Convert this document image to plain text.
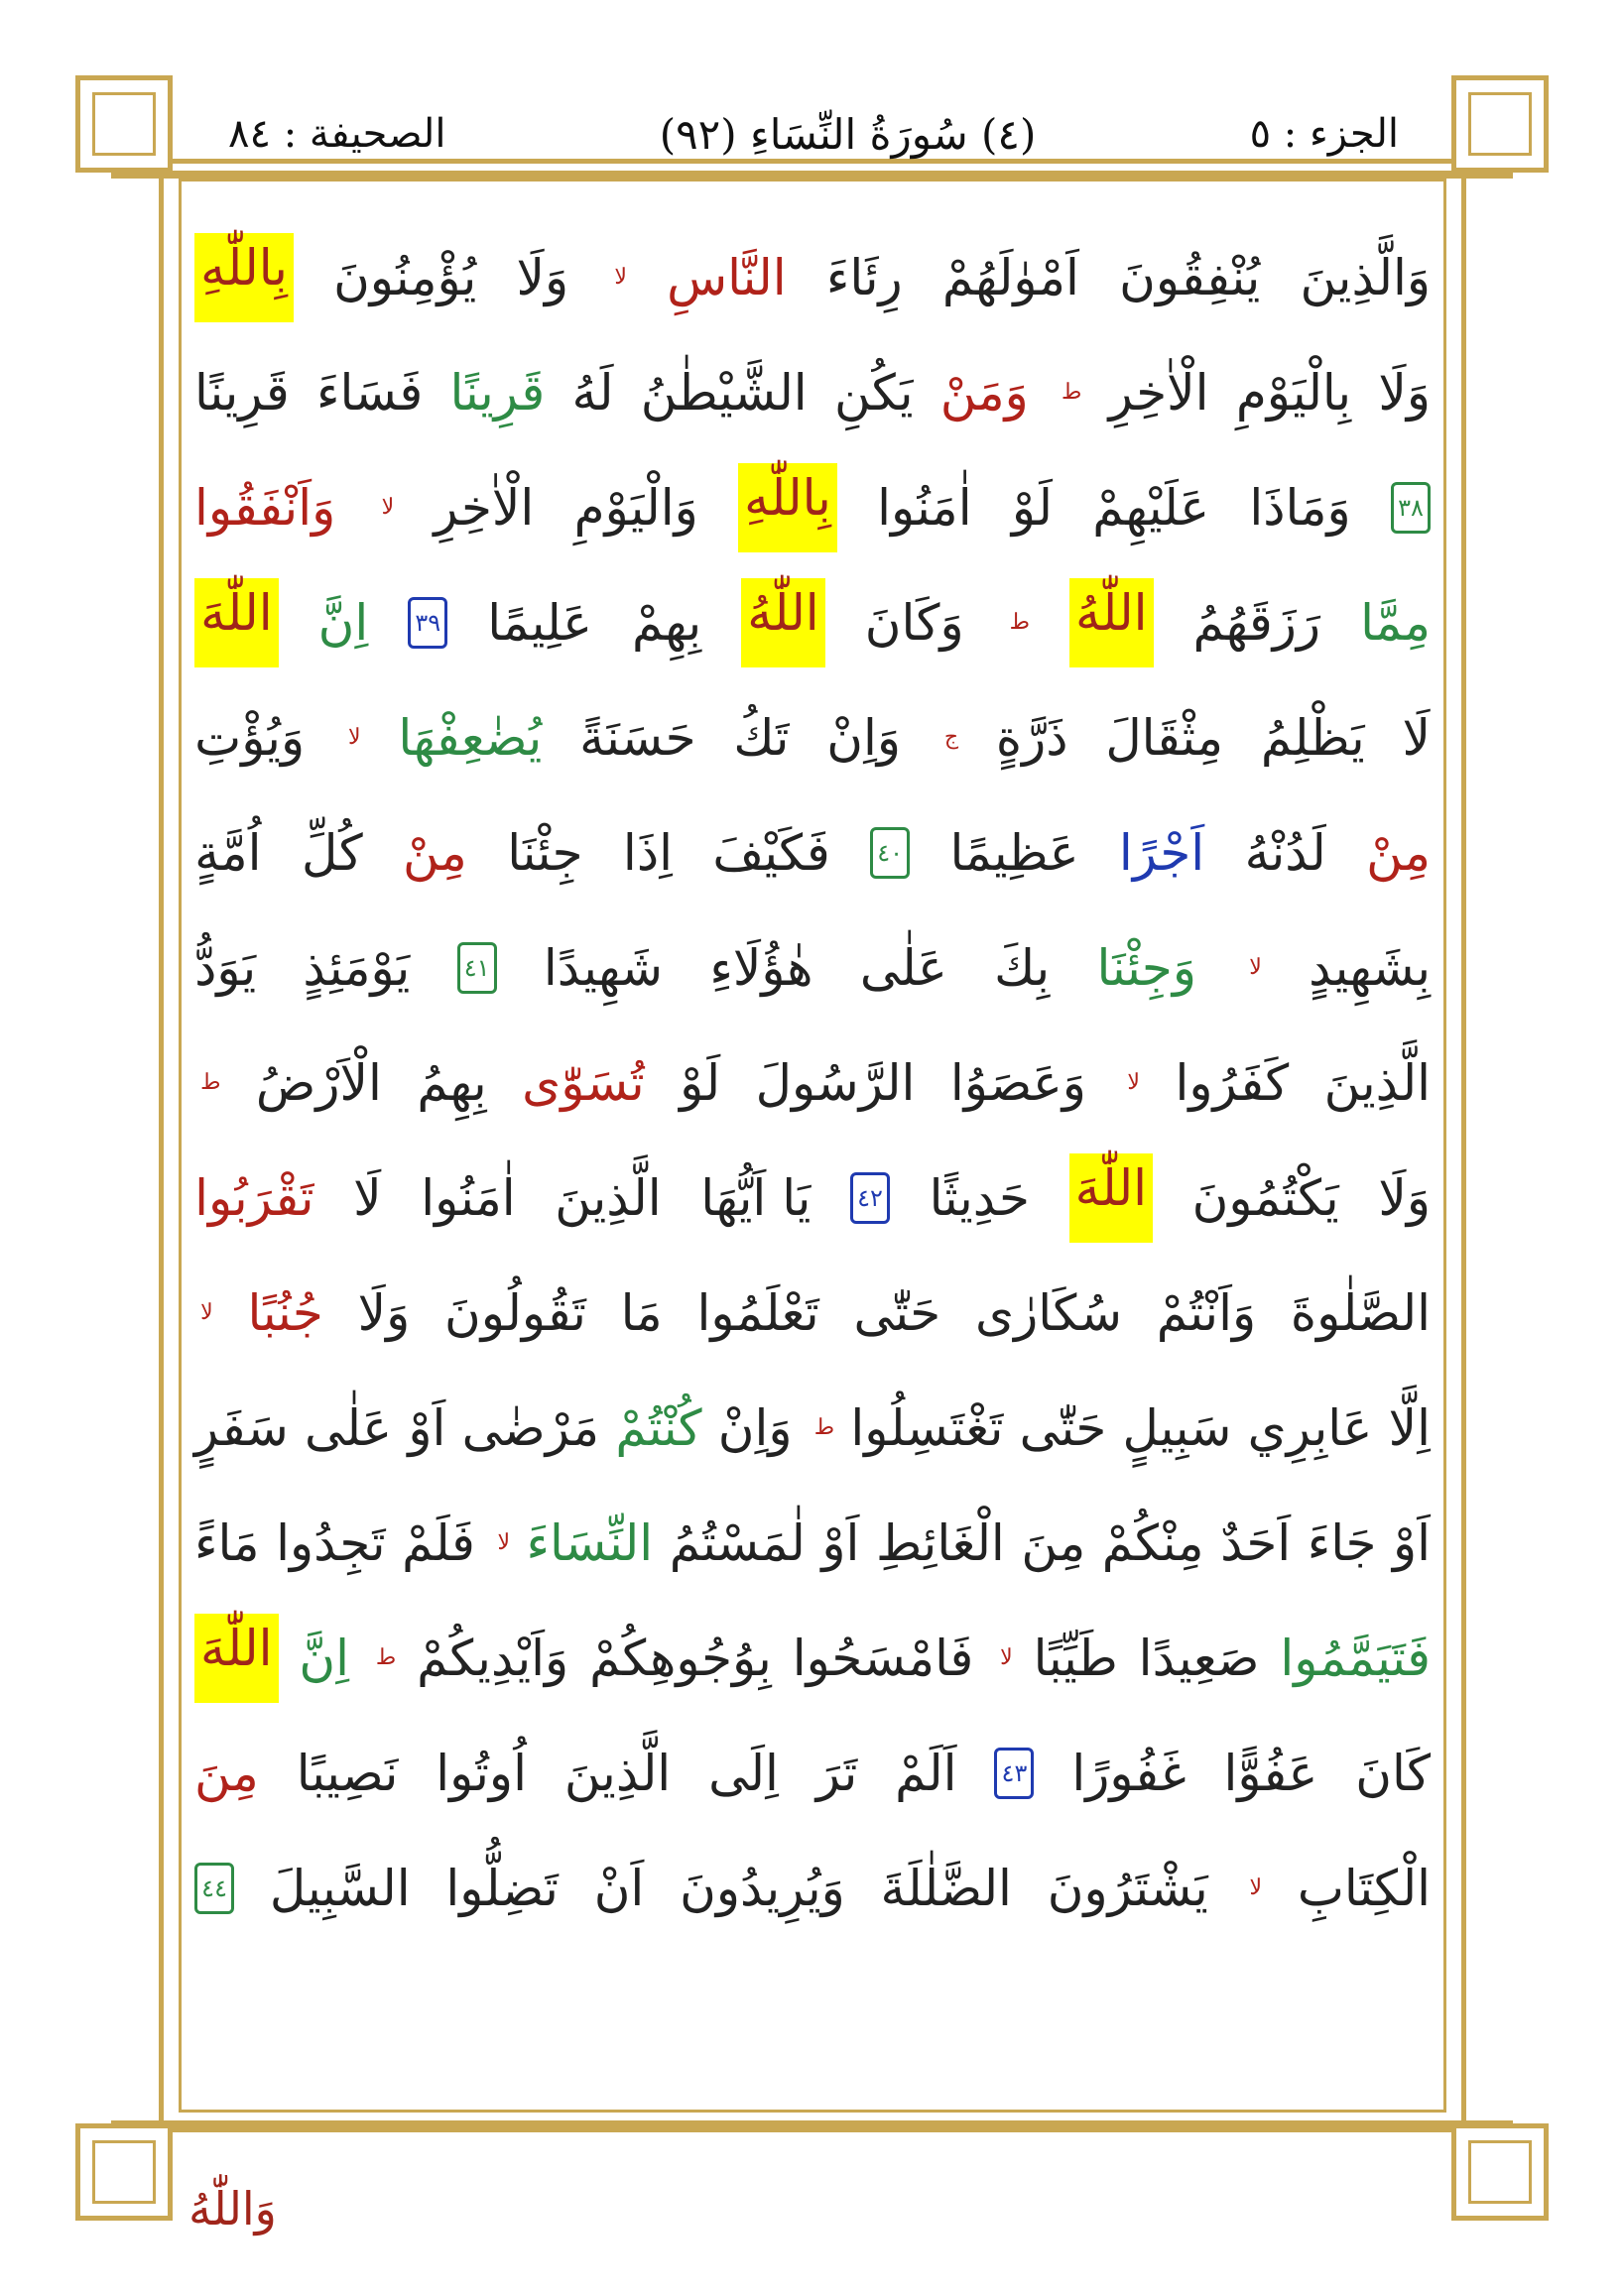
الجزء : ٥
(٤) سُورَةُ النِّسَاءِ (٩٢)
الصحيفة : ٨٤
وَالَّذِينَ
يُنْفِقُونَ
اَمْوٰلَهُمْ
رِئَاءَ
النَّاسِ
لا
وَلَا
يُؤْمِنُونَ
بِاللّٰهِ
وَلَا
بِالْيَوْمِ
الْاٰخِرِ
ط
وَمَنْ
يَكُنِ
الشَّيْطٰنُ
لَهُ
قَرِينًا
فَسَاءَ
قَرِينًا
٣٨
وَمَاذَا
عَلَيْهِمْ
لَوْ
اٰمَنُوا
بِاللّٰهِ
وَالْيَوْمِ
الْاٰخِرِ
لا
وَاَنْفَقُوا
مِمَّا
رَزَقَهُمُ
اللّٰهُ
ط
وَكَانَ
اللّٰهُ
بِهِمْ
عَلِيمًا
٣٩
اِنَّ
اللّٰهَ
لَا
يَظْلِمُ
مِثْقَالَ
ذَرَّةٍ
ج
وَاِنْ
تَكُ
حَسَنَةً
يُضٰعِفْهَا
لا
وَيُؤْتِ
مِنْ
لَدُنْهُ
اَجْرًا
عَظِيمًا
٤٠
فَكَيْفَ
اِذَا
جِئْنَا
مِنْ
كُلِّ
اُمَّةٍ
بِشَهِيدٍ
لا
وَجِئْنَا
بِكَ
عَلٰى
هٰؤُلَاءِ
شَهِيدًا
٤١
يَوْمَئِذٍ
يَوَدُّ
الَّذِينَ
كَفَرُوا
لا
وَعَصَوُا
الرَّسُولَ
لَوْ
تُسَوّٰى
بِهِمُ
الْاَرْضُ
ط
وَلَا
يَكْتُمُونَ
اللّٰهَ
حَدِيثًا
٤٢
يَا اَيُّهَا
الَّذِينَ
اٰمَنُوا
لَا
تَقْرَبُوا
الصَّلٰوةَ
وَاَنْتُمْ
سُكَارٰى
حَتّٰى
تَعْلَمُوا
مَا
تَقُولُونَ
وَلَا
جُنُبًا
لا
اِلَّا
عَابِرِي
سَبِيلٍ
حَتّٰى
تَغْتَسِلُوا
ط
وَاِنْ
كُنْتُمْ
مَرْضٰى
اَوْ
عَلٰى
سَفَرٍ
اَوْ
جَاءَ
اَحَدٌ
مِنْكُمْ
مِنَ
الْغَائِطِ
اَوْ
لٰمَسْتُمُ
النِّسَاءَ
لا
فَلَمْ
تَجِدُوا
مَاءً
فَتَيَمَّمُوا
صَعِيدًا
طَيِّبًا
لا
فَامْسَحُوا
بِوُجُوهِكُمْ
وَاَيْدِيكُمْ
ط
اِنَّ
اللّٰهَ
كَانَ
عَفُوًّا
غَفُورًا
٤٣
اَلَمْ
تَرَ
اِلَى
الَّذِينَ
اُوتُوا
نَصِيبًا
مِنَ
الْكِتَابِ
لا
يَشْتَرُونَ
الضَّلٰلَةَ
وَيُرِيدُونَ
اَنْ
تَضِلُّوا
السَّبِيلَ
٤٤
وَاللّٰهُ
